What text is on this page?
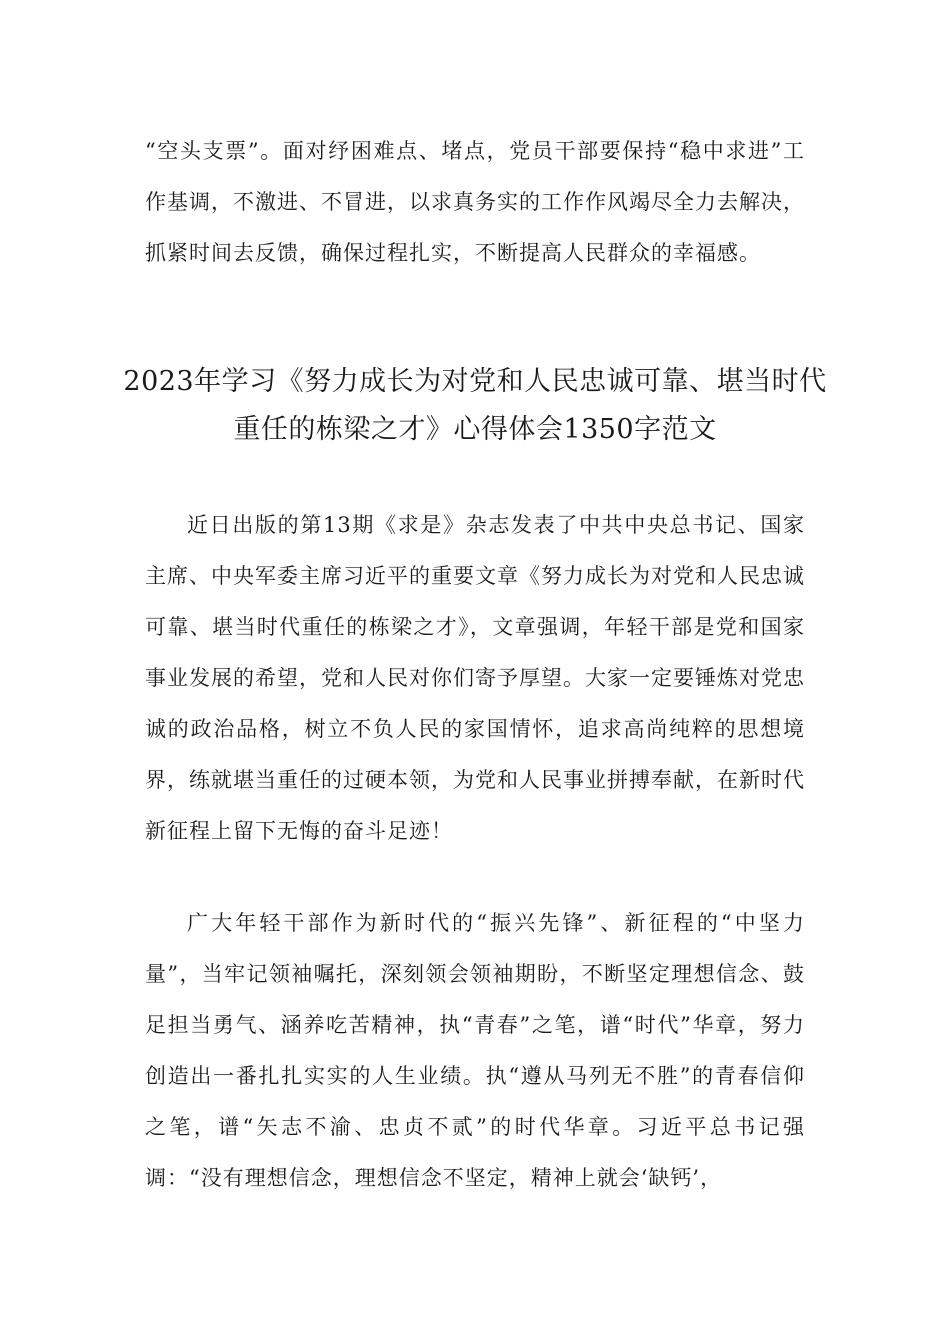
“空头支票”。面对纾困难点、堵点，党员干部要保持“稳中求进”工作基调，不激进、不冒进，以求真务实的工作作风竭尽全力去解决，抓紧时间去反馈，确保过程扎实，不断提高人民群众的幸福感。

2023年学习《努力成长为对党和人民忠诚可靠、堪当时代重任的栋梁之才》心得体会1350字范文

近日出版的第13期《求是》杂志发表了中共中央总书记、国家主席、中央军委主席习近平的重要文章《努力成长为对党和人民忠诚可靠、堪当时代重任的栋梁之才》，文章强调，年轻干部是党和国家事业发展的希望，党和人民对你们寄予厚望。大家一定要锤炼对党忠诚的政治品格，树立不负人民的家国情怀，追求高尚纯粹的思想境界，练就堪当重任的过硬本领，为党和人民事业拼搏奉献，在新时代新征程上留下无悔的奋斗足迹！

广大年轻干部作为新时代的“振兴先锋”、新征程的“中坚力量”，当牢记领袖嘱托，深刻领会领袖期盼，不断坚定理想信念、鼓足担当勇气、涵养吃苦精神，执“青春”之笔，谱“时代”华章，努力创造出一番扎扎实实的人生业绩。执“遵从马列无不胜”的青春信仰之笔，谱“矢志不渝、忠贞不贰”的时代华章。习近平总书记强调：“没有理想信念，理想信念不坚定，精神上就会‘缺钙’，
